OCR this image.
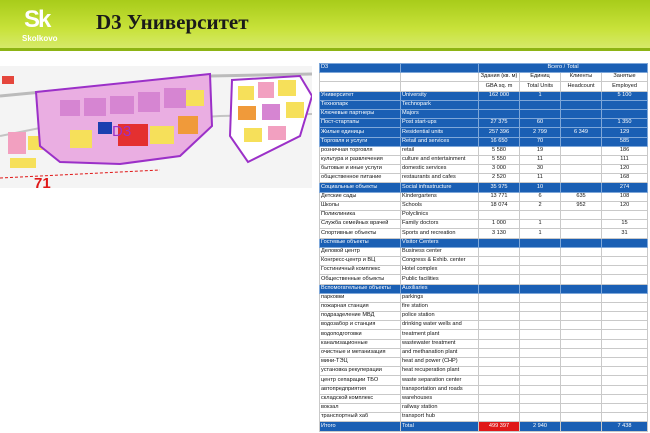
Sk
Skolkovo
D3 Университет
D3
71
D3		Всего / Total			
		Здания (кв. м)	Единиц	Клиенты	Занятые
		GBA sq. m	Total Units	Headcount	Employed
Университет	University	162 000	1		5 100
Технопарк	Technopark				
Ключевые партнеры	Majors				
Пост-стартапы	Post start-ups	27 375	60		1 350
Жилые единицы	Residential units	257 396	2 799	6 349	129
Торговля и услуги	Retail and services	16 650	70		585
розничная торговля	retail	5 580	19		186
культура и развлечения	culture and entertainment	5 550	11		111
бытовые и иные услуги	domestic services	3 000	30		120
общественное питание	restaurants and cafes	2 520	11		168
Социальные объекты	Social infrastructure	35 975	10		274
Детские сады	Kindergartens	13 771	6	635	108
Школы	Schools	18 074	2	952	120
Поликлиника	Polyclinics				
Служба семейных врачей	Family doctors	1 000	1		15
Спортивные объекты	Sports and recreation	3 130	1		31
Гостевые объекты	Visitor Centers				
Деловой центр	Business center				
Конгресс-центр и ВЦ	Congress & Exhib. center				
Гостиничный комплекс	Hotel complex				
Общественные объекты	Public facilities				
Вспомогательные объекты	Auxiliaries				
парковки	parkings				
пожарная станция	fire station				
подразделение МВД	police station				
водозабор и станция	drinking water wells and				
водоподготовки	treatment plant				
канализационные	wastewater treatment				
очистные и метанизация	and methanation plant				
мини-ТЭЦ	heat and power (CHP)				
установка рекуперации	heat recuperation plant				
центр сепарации ТБО	waste separation center				
автопредприятия	transportation and roads				
складской комплекс	warehouses				
вокзал	railway station				
транспортный хаб	transport hub				
Итого	Total	499 397	2 940		7 438
